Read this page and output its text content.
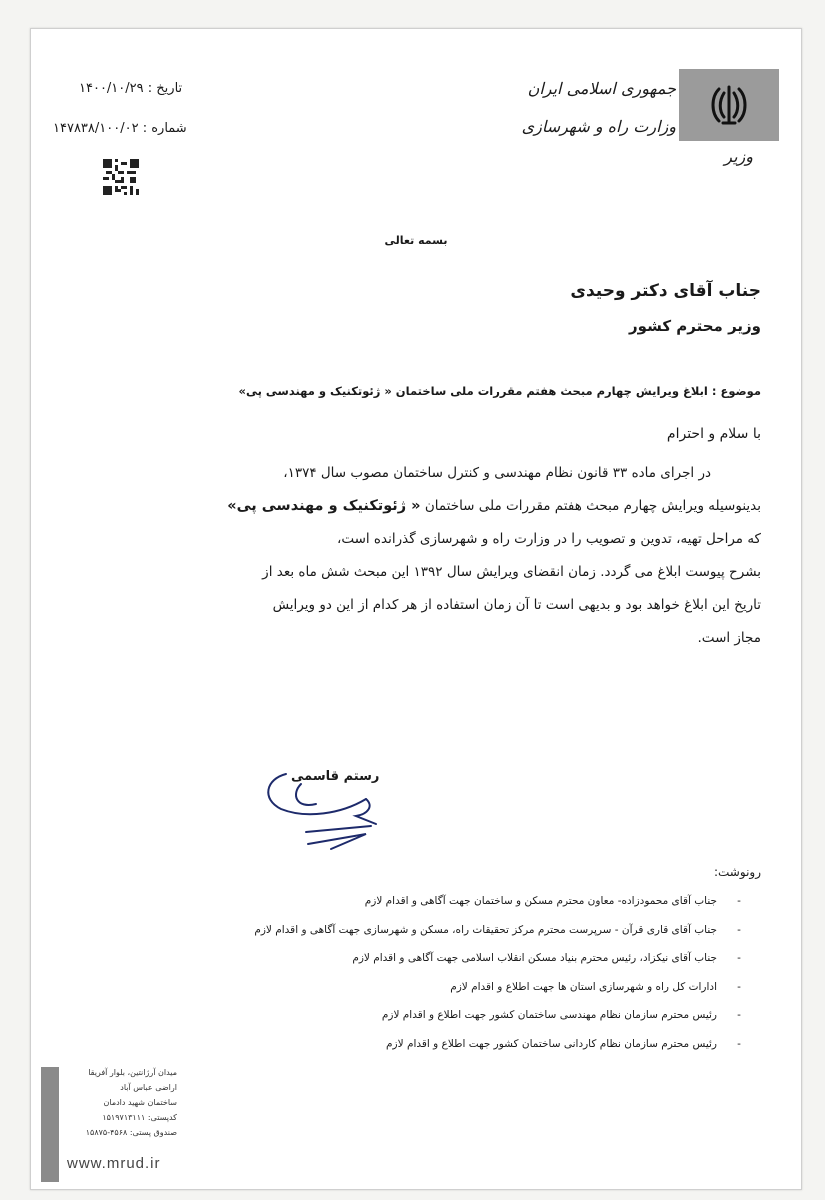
جمهوری اسلامی ایران
وزارت راه و شهرسازی
وزیر
تاریخ : ۱۴۰۰/۱۰/۲۹
شماره : ۱۴۷۸۳۸/۱۰۰/۰۲
بسمه تعالی
جناب آقای دکتر وحیدی
وزیر محترم کشور
موضوع : ابلاغ ویرایش چهارم مبحث هفتم مقررات ملی ساختمان « ژئوتکنیک و مهندسی پی»
با سلام و احترام
در اجرای ماده ۳۳ قانون نظام مهندسی و کنترل ساختمان مصوب سال ۱۳۷۴،
بدینوسیله ویرایش چهارم مبحث هفتم مقررات ملی ساختمان « ژئوتکنیک و مهندسی پی»
که مراحل تهیه، تدوین و تصویب را در وزارت راه و شهرسازی گذرانده است،
بشرح پیوست ابلاغ می گردد. زمان انقضای ویرایش سال ۱۳۹۲ این مبحث شش ماه بعد از
تاریخ این ابلاغ خواهد بود و بدیهی است تا آن زمان استفاده از هر کدام از این دو ویرایش
مجاز است.
رستم قاسمی
رونوشت:
-جناب آقای محمودزاده- معاون محترم مسکن و ساختمان جهت آگاهی و اقدام لازم
-جناب آقای قاری قرآن - سرپرست محترم مرکز تحقیقات راه، مسکن و شهرسازی جهت آگاهی و اقدام لازم
-جناب آقای نیکزاد، رئیس محترم بنیاد مسکن انقلاب اسلامی جهت آگاهی و اقدام لازم
-ادارات کل راه و شهرسازی استان ها جهت اطلاع و اقدام لازم
-رئیس محترم سازمان نظام مهندسی ساختمان کشور جهت اطلاع و اقدام لازم
-رئیس محترم سازمان نظام کاردانی ساختمان کشور جهت اطلاع و اقدام لازم
میدان آرژانتین، بلوار آفریقا
اراضی عباس آباد
ساختمان شهید دادمان
کدپستی: ۱۵۱۹۷۱۳۱۱۱
صندوق پستی: ۴۵۶۸-۱۵۸۷۵
www.mrud.ir
